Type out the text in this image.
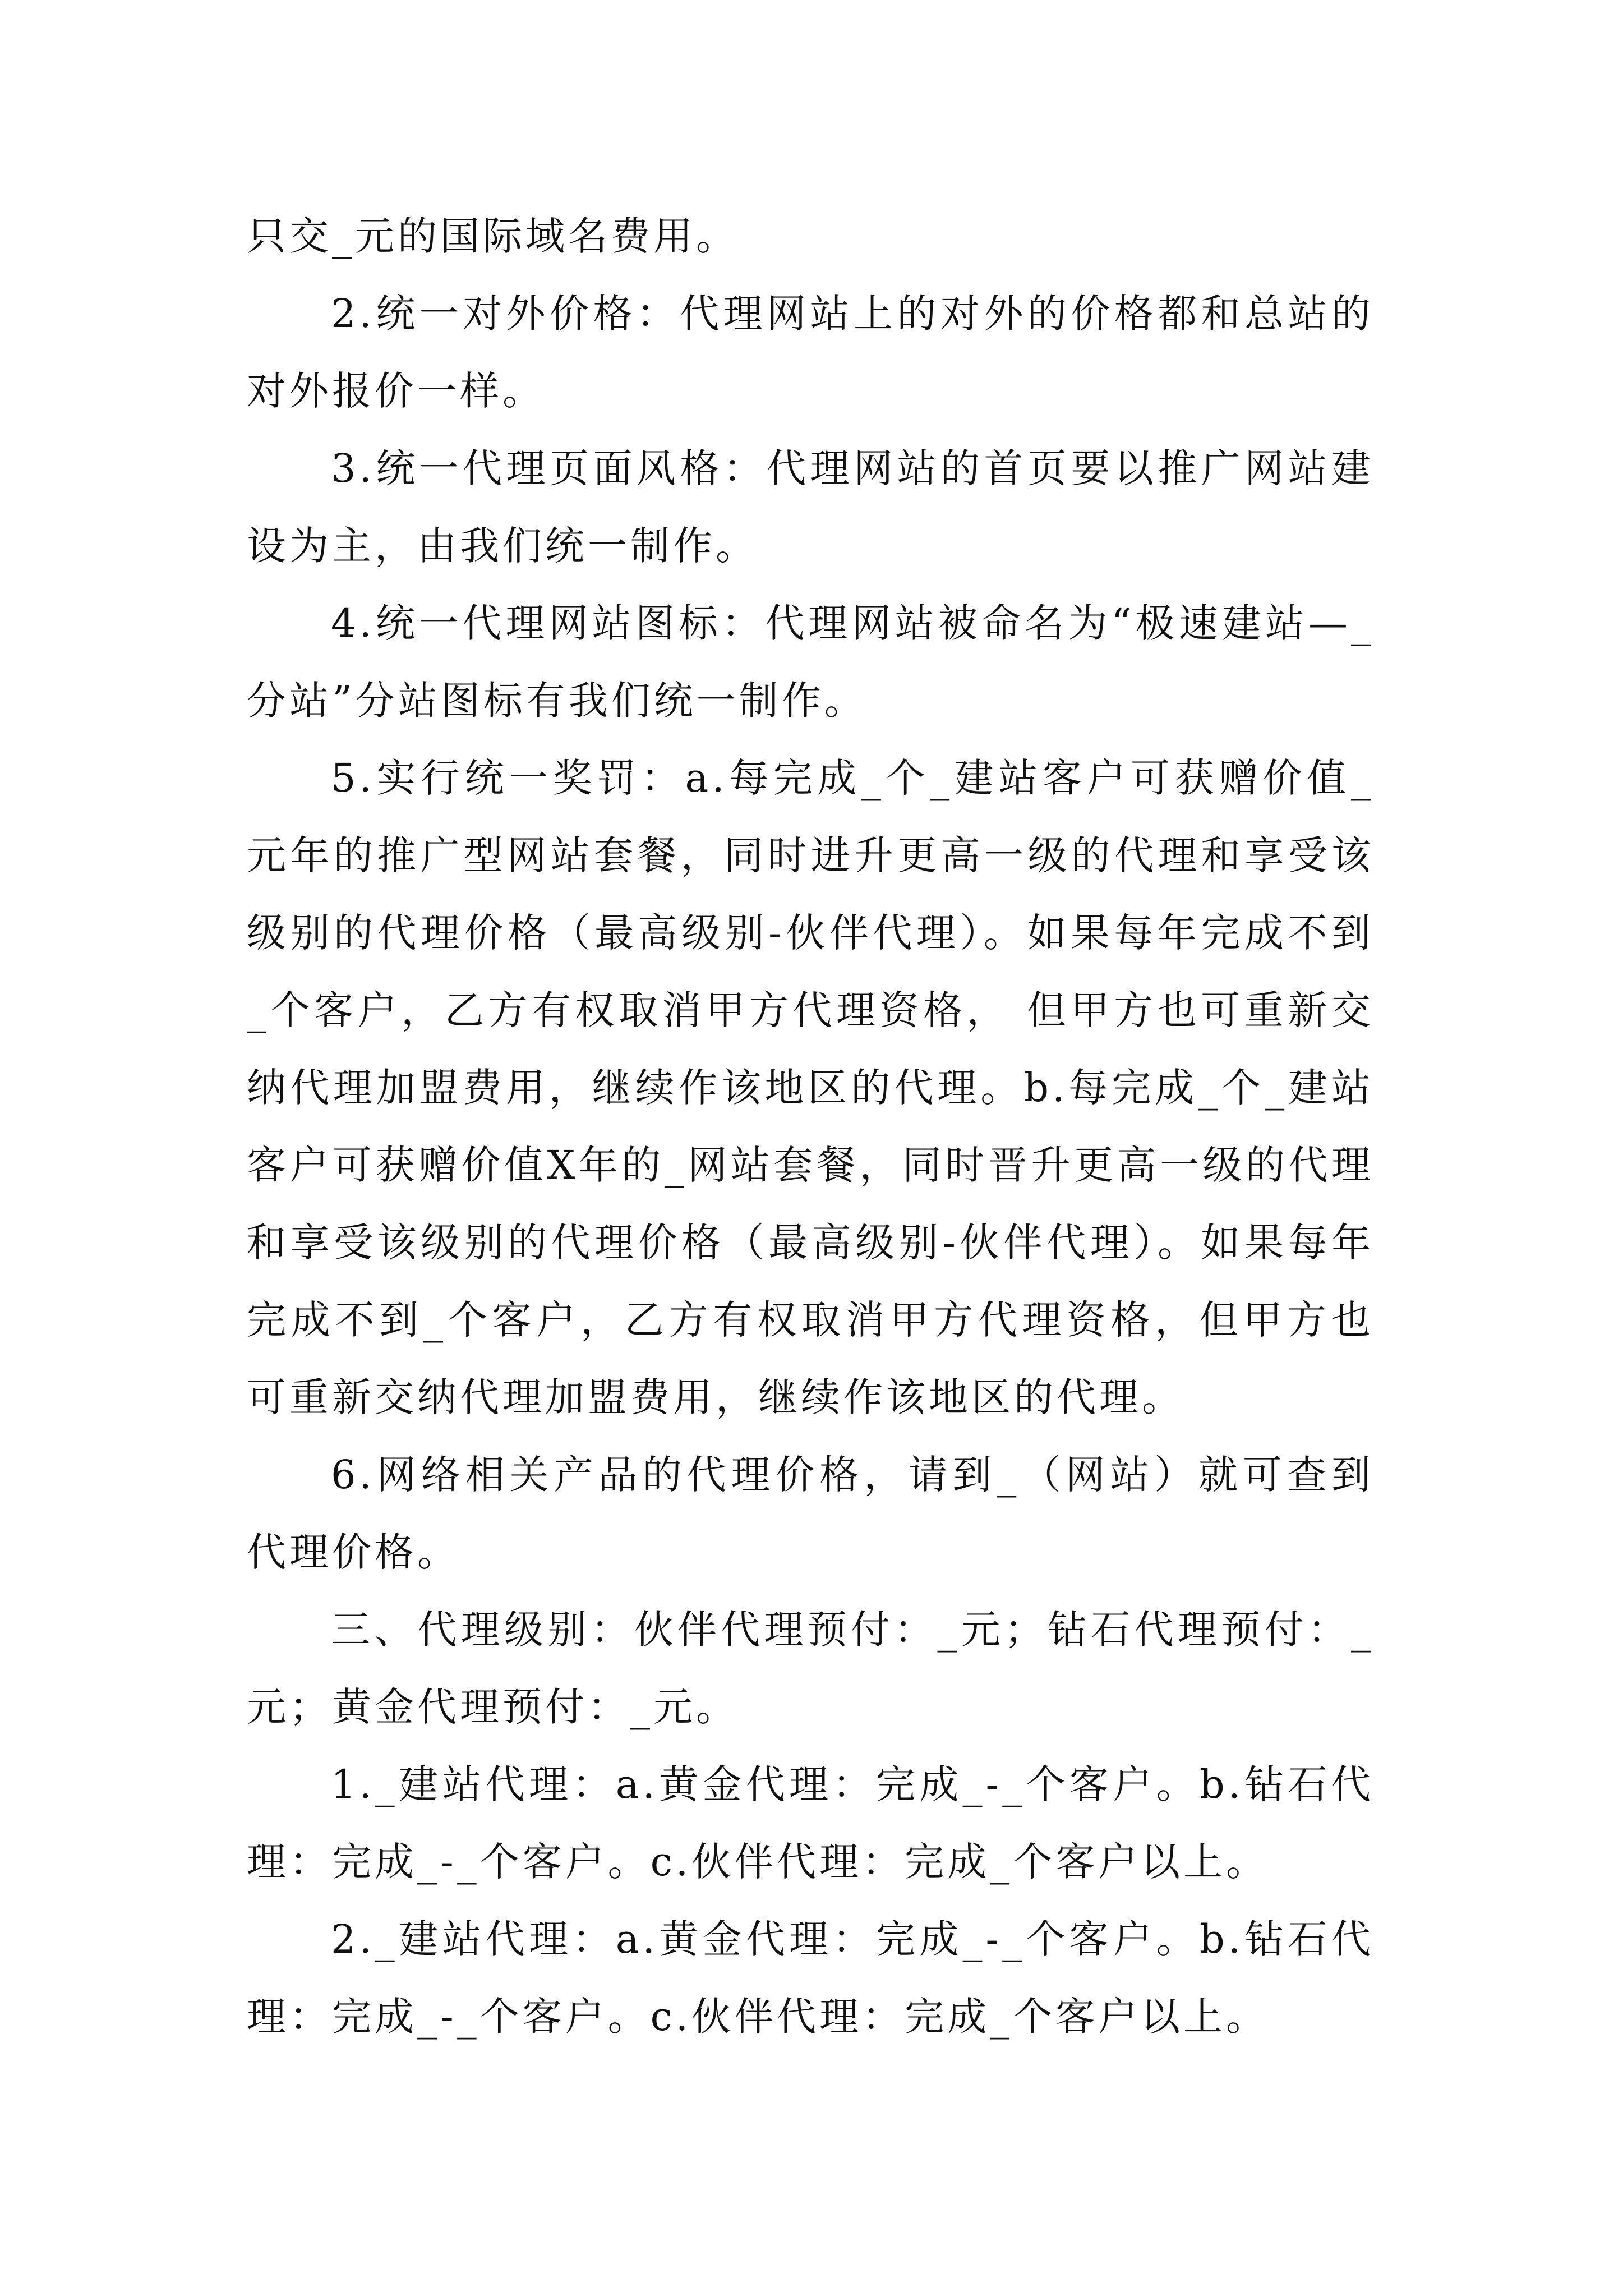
只交_元的国际域名费用。

2.统一对外价格：代理网站上的对外的价格都和总站的对外报价一样。

3.统一代理页面风格：代理网站的首页要以推广网站建设为主，由我们统一制作。

4.统一代理网站图标：代理网站被命名为“极速建站—_分站”分站图标有我们统一制作。

5.实行统一奖罚：a.每完成_个_建站客户可获赠价值_元年的推广型网站套餐，同时进升更高一级的代理和享受该级别的代理价格（最高级别-伙伴代理）。如果每年完成不到_个客户，乙方有权取消甲方代理资格， 但甲方也可重新交纳代理加盟费用，继续作该地区的代理。b.每完成_个_建站客户可获赠价值X年的_网站套餐，同时晋升更高一级的代理和享受该级别的代理价格（最高级别-伙伴代理）。如果每年完成不到_个客户，乙方有权取消甲方代理资格，但甲方也可重新交纳代理加盟费用，继续作该地区的代理。

6.网络相关产品的代理价格，请到_（网站）就可查到代理价格。

三、代理级别：伙伴代理预付：_元；钻石代理预付：_元；黄金代理预付：_元。

1._建站代理：a.黄金代理：完成_-_个客户。b.钻石代理：完成_-_个客户。c.伙伴代理：完成_个客户以上。

2._建站代理：a.黄金代理：完成_-_个客户。b.钻石代理：完成_-_个客户。c.伙伴代理：完成_个客户以上。
